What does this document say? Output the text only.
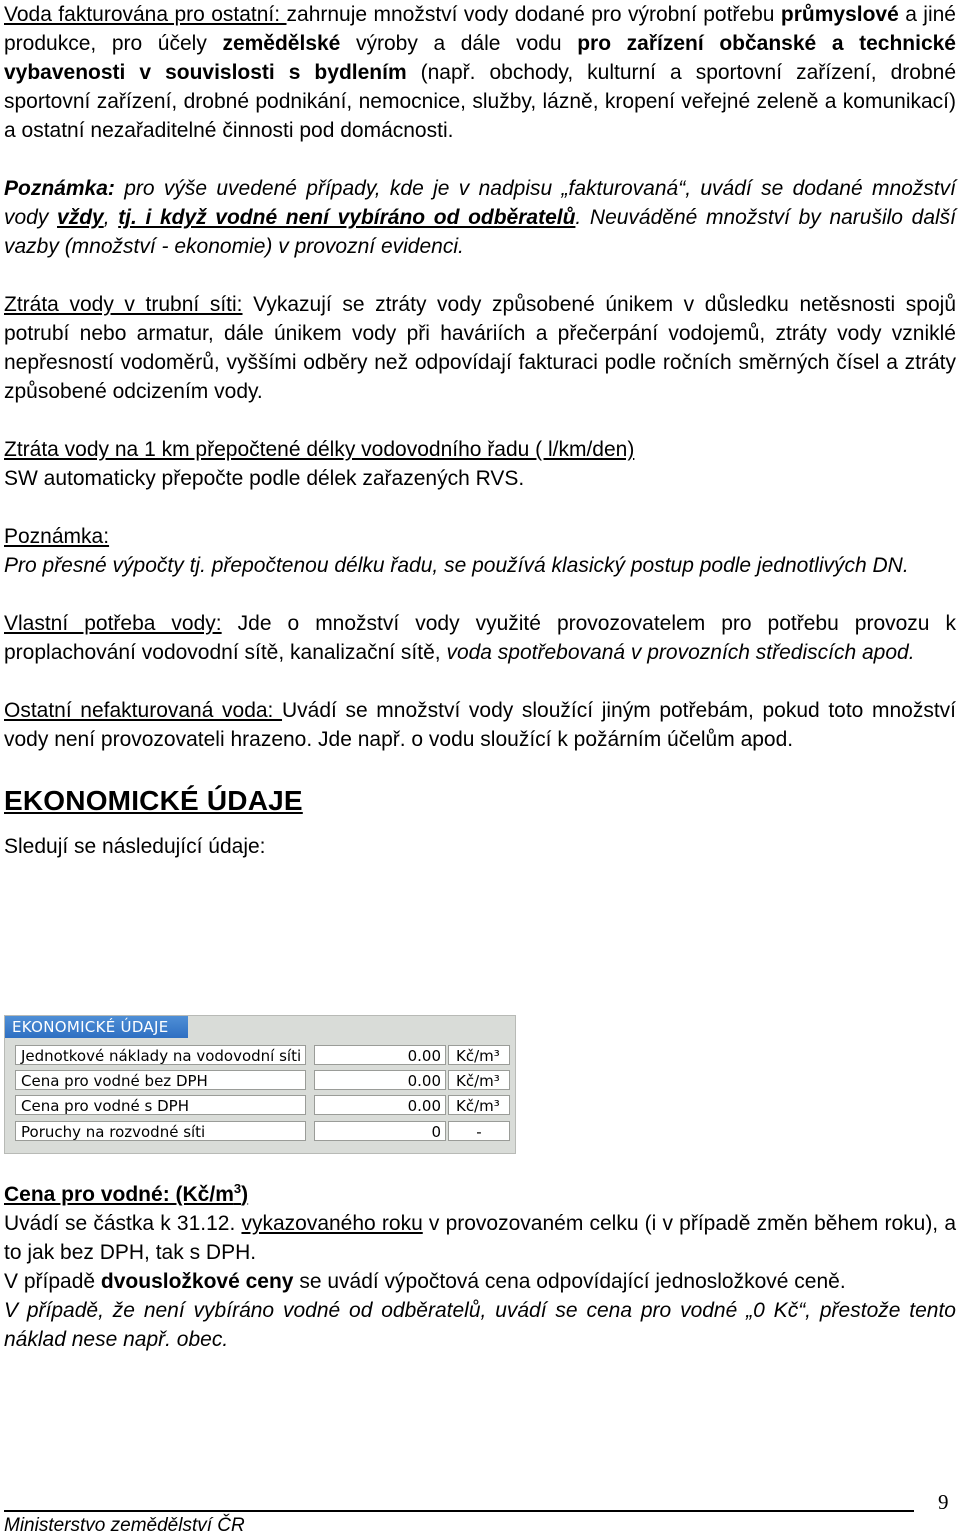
Voda fakturována pro ostatní: zahrnuje množství vody dodané pro výrobní potřebu průmyslové a jiné produkce, pro účely zemědělské výroby a dále vodu pro zařízení občanské a technické vybavenosti v souvislosti s bydlením (např. obchody, kulturní a sportovní zařízení, drobné sportovní zařízení, drobné podnikání, nemocnice, služby, lázně, kropení veřejné zeleně a komunikací) a ostatní nezařaditelné činnosti pod domácnosti.

Poznámka: pro výše uvedené případy, kde je v nadpisu „fakturovaná“, uvádí se dodané množství vody vždy, tj. i když vodné není vybíráno od odběratelů. Neuváděné množství by narušilo další vazby (množství - ekonomie) v provozní evidenci.

Ztráta vody v trubní síti: Vykazují se ztráty vody způsobené únikem v důsledku netěsnosti spojů potrubí nebo armatur, dále únikem vody při haváriích a přečerpání vodojemů, ztráty vody vzniklé nepřesností vodoměrů, vyššími odběry než odpovídají fakturaci podle ročních směrných čísel a ztráty způsobené odcizením vody.

Ztráta vody na 1 km přepočtené délky vodovodního řadu ( l/km/den)
SW automaticky přepočte podle délek zařazených RVS.

Poznámka:
Pro přesné výpočty tj. přepočtenou délku řadu, se používá klasický postup podle jednotlivých DN.

Vlastní potřeba vody: Jde o množství vody využité provozovatelem pro potřebu provozu k proplachování vodovodní sítě, kanalizační sítě, voda spotřebovaná v provozních střediscích apod.

Ostatní nefakturovaná voda: Uvádí se množství vody sloužící jiným potřebám, pokud toto množství vody není provozovateli hrazeno. Jde např. o vodu sloužící k požárním účelům apod.

EKONOMICKÉ ÚDAJE

Sledují se následující údaje:

EKONOMICKÉ ÚDAJE
Jednotkové náklady na vodovodní síti	0.00	Kč/m³
Cena pro vodné bez DPH	0.00	Kč/m³
Cena pro vodné s DPH	0.00	Kč/m³
Poruchy na rozvodné síti	0	-

Cena pro vodné: $(Kč/m^3)$

Uvádí se částka k 31.12. vykazovaného roku v provozovaném celku (i v případě změn během roku), a to jak bez DPH, tak s DPH.

V případě dvousložkové ceny se uvádí výpočtová cena odpovídající jednosložkové ceně.

V případě, že není vybíráno vodné od odběratelů, uvádí se cena pro vodné „0 Kč“, přestože tento náklad nese např. obec.

9
Ministerstvo zemědělství ČR
